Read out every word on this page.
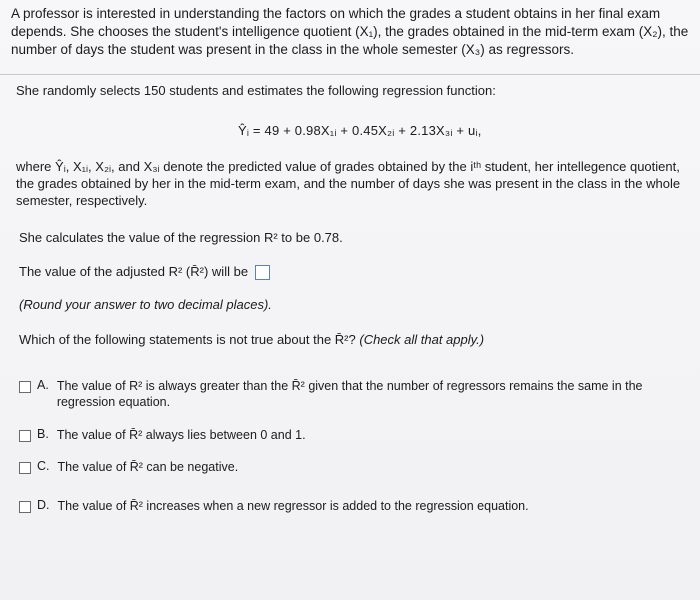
A professor is interested in understanding the factors on which the grades a student obtains in her final exam depends. She chooses the student's intelligence quotient (X₁), the grades obtained in the mid-term exam (X₂), the number of days the student was present in the class in the whole semester (X₃) as regressors.
She randomly selects 150 students and estimates the following regression function:
Ŷᵢ = 49 + 0.98X₁ᵢ + 0.45X₂ᵢ + 2.13X₃ᵢ + uᵢ,
where Ŷᵢ, X₁ᵢ, X₂ᵢ, and X₃ᵢ denote the predicted value of grades obtained by the iᵗʰ student, her intellegence quotient, the grades obtained by her in the mid-term exam, and the number of days she was present in the class in the whole semester, respectively.
She calculates the value of the regression R² to be 0.78.
The value of the adjusted R² (R̄²) will be
(Round your answer to two decimal places).
Which of the following statements is not true about the R̄²? (Check all that apply.)
A. The value of R² is always greater than the R̄² given that the number of regressors remains the same in the regression equation.
B. The value of R̄² always lies between 0 and 1.
C. The value of R̄² can be negative.
D. The value of R̄² increases when a new regressor is added to the regression equation.
